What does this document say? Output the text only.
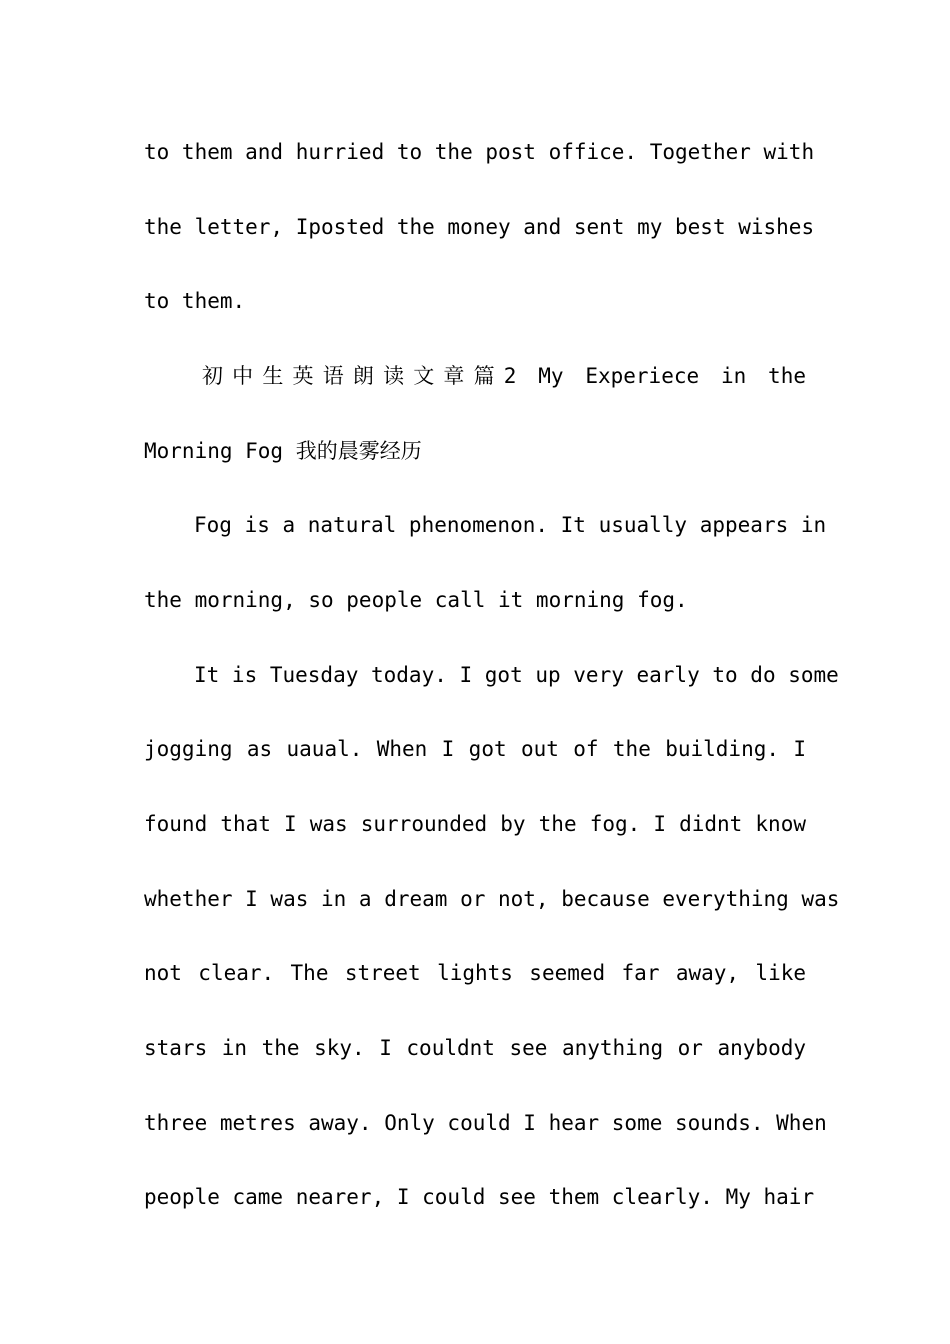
to them and hurried to the post office. Together with
the letter, Iposted the money and sent my best wishes
to them.
初中生英语朗读文章篇2 My Experiece in the
Morning Fog 我的晨雾经历
Fog is a natural phenomenon. It usually appears in
the morning, so people call it morning fog.
It is Tuesday today. I got up very early to do some
jogging as uaual. When I got out of the building. I
found that I was surrounded by the fog. I didnt know
whether I was in a dream or not, because everything was
not clear. The street lights seemed far away, like
stars in the sky. I couldnt see anything or anybody
three metres away. Only could I hear some sounds. When
people came nearer, I could see them clearly. My hair
